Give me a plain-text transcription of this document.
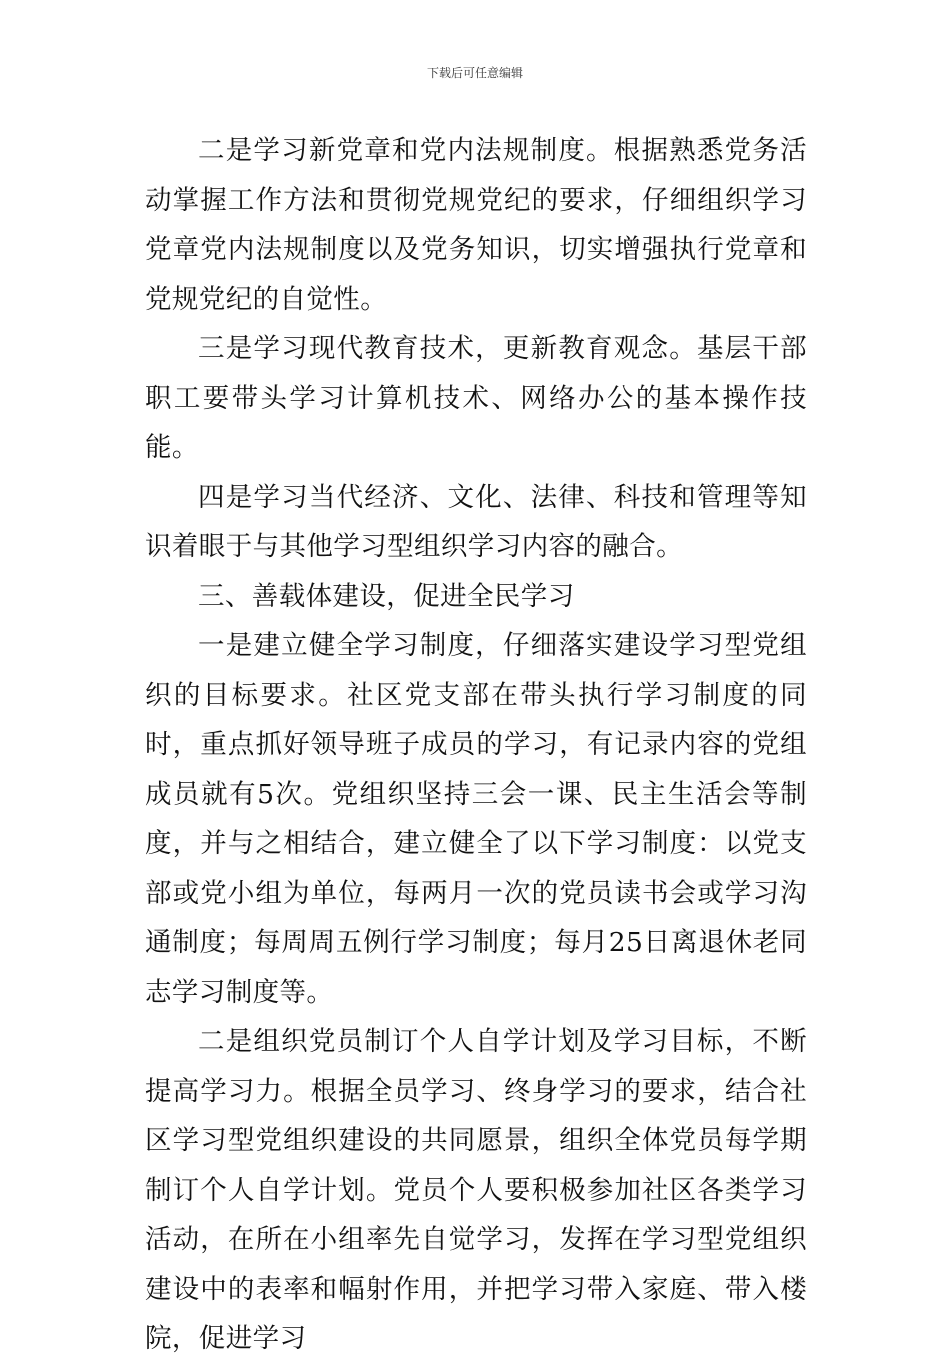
下载后可任意编辑

二是学习新党章和党内法规制度。根据熟悉党务活动掌握工作方法和贯彻党规党纪的要求，仔细组织学习党章党内法规制度以及党务知识，切实增强执行党章和党规党纪的自觉性。

三是学习现代教育技术，更新教育观念。基层干部职工要带头学习计算机技术、网络办公的基本操作技能。

四是学习当代经济、文化、法律、科技和管理等知识着眼于与其他学习型组织学习内容的融合。

三、善载体建设，促进全民学习

一是建立健全学习制度，仔细落实建设学习型党组织的目标要求。社区党支部在带头执行学习制度的同时，重点抓好领导班子成员的学习，有记录内容的党组成员就有5次。党组织坚持三会一课、民主生活会等制度，并与之相结合，建立健全了以下学习制度：以党支部或党小组为单位，每两月一次的党员读书会或学习沟通制度；每周周五例行学习制度；每月25日离退休老同志学习制度等。

二是组织党员制订个人自学计划及学习目标，不断提高学习力。根据全员学习、终身学习的要求，结合社区学习型党组织建设的共同愿景，组织全体党员每学期制订个人自学计划。党员个人要积极参加社区各类学习活动，在所在小组率先自觉学习，发挥在学习型党组织建设中的表率和幅射作用，并把学习带入家庭、带入楼院，促进学习
